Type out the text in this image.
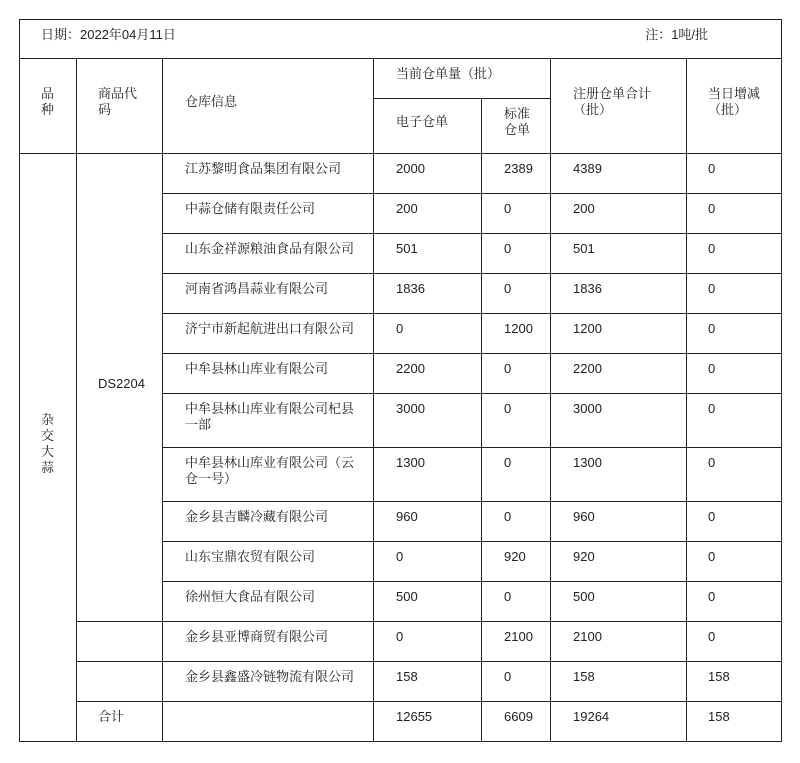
日期：2022年04月11日 注：1吨/批						

品种	商品代码	仓库信息	当前仓单量（批）		注册仓单合计（批）	当日增减（批）
			电子仓单	标准仓单		
杂交大蒜	DS2204	江苏黎明食品集团有限公司	2000	2389	4389	0
		中蒜仓储有限责任公司	200	0	200	0
		山东金祥源粮油食品有限公司	501	0	501	0
		河南省鸿昌蒜业有限公司	1836	0	1836	0
		济宁市新起航进出口有限公司	0	1200	1200	0
		中牟县林山库业有限公司	2200	0	2200	0
		中牟县林山库业有限公司杞县一部	3000	0	3000	0
		中牟县林山库业有限公司（云仓一号）	1300	0	1300	0
		金乡县吉麟冷藏有限公司	960	0	960	0
		山东宝鼎农贸有限公司	0	920	920	0
		徐州恒大食品有限公司	500	0	500	0
		金乡县亚博商贸有限公司	0	2100	2100	0
		金乡县鑫盛冷链物流有限公司	158	0	158	158
	合计		12655	6609	19264	158
